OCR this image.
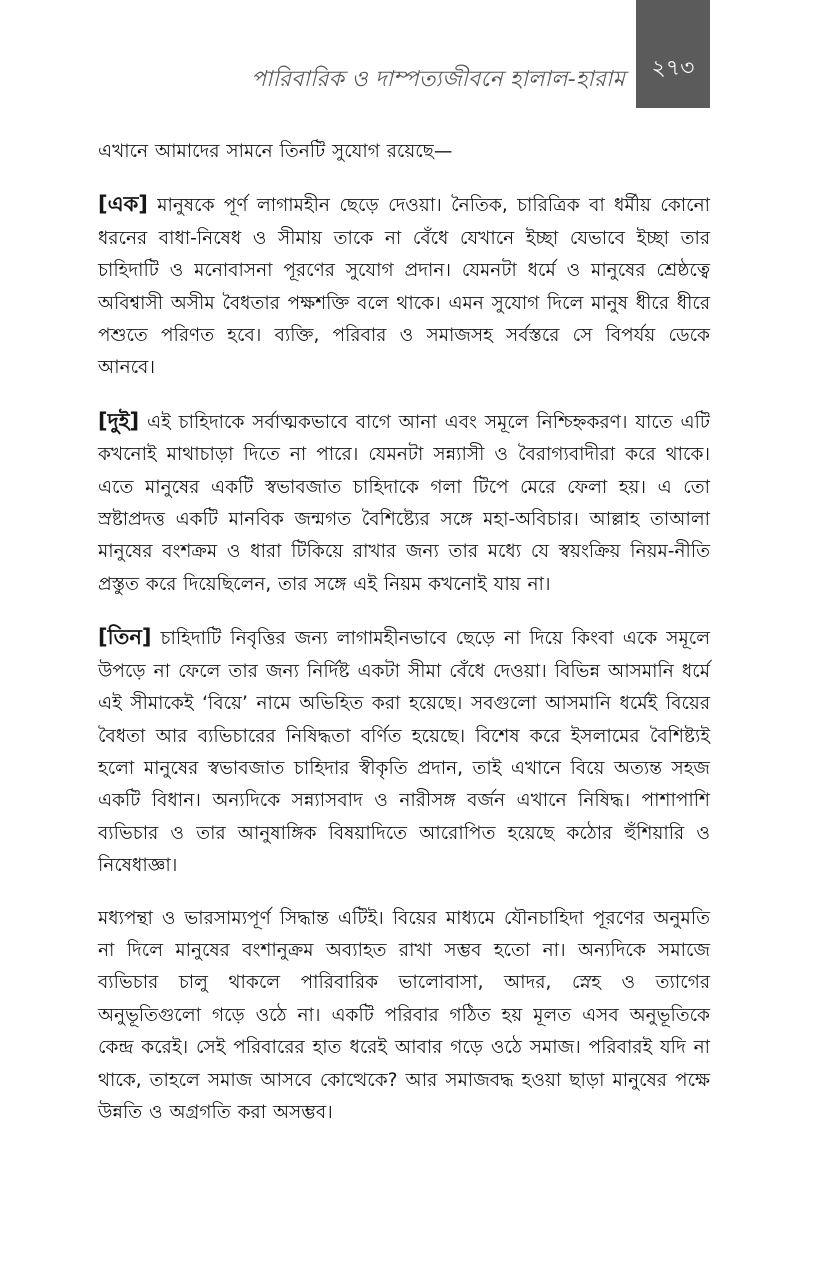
পারিবারিক ও দাম্পত্যজীবনে হালাল-হারাম	২৭৩

এখানে আমাদের সামনে তিনটি সুযোগ রয়েছে—

[এক] মানুষকে পূর্ণ লাগামহীন ছেড়ে দেওয়া। নৈতিক, চারিত্রিক বা ধর্মীয় কোনো ধরনের বাধা-নিষেধ ও সীমায় তাকে না বেঁধে যেখানে ইচ্ছা যেভাবে ইচ্ছা তার চাহিদাটি ও মনোবাসনা পূরণের সুযোগ প্রদান। যেমনটা ধর্মে ও মানুষের শ্রেষ্ঠত্বে অবিশ্বাসী অসীম বৈধতার পক্ষশক্তি বলে থাকে। এমন সুযোগ দিলে মানুষ ধীরে ধীরে পশুতে পরিণত হবে। ব্যক্তি, পরিবার ও সমাজসহ সর্বস্তরে সে বিপর্যয় ডেকে আনবে।

[দুই] এই চাহিদাকে সর্বাত্মকভাবে বাগে আনা এবং সমূলে নিশ্চিহ্নকরণ। যাতে এটি কখনোই মাথাচাড়া দিতে না পারে। যেমনটা সন্ন্যাসী ও বৈরাগ্যবাদীরা করে থাকে। এতে মানুষের একটি স্বভাবজাত চাহিদাকে গলা টিপে মেরে ফেলা হয়। এ তো স্রষ্টাপ্রদত্ত একটি মানবিক জন্মগত বৈশিষ্ট্যের সঙ্গে মহা-অবিচার। আল্লাহ তাআলা মানুষের বংশক্রম ও ধারা টিকিয়ে রাখার জন্য তার মধ্যে যে স্বয়ংক্রিয় নিয়ম-নীতি প্রস্তুত করে দিয়েছিলেন, তার সঙ্গে এই নিয়ম কখনোই যায় না।

[তিন] চাহিদাটি নিবৃত্তির জন্য লাগামহীনভাবে ছেড়ে না দিয়ে কিংবা একে সমূলে উপড়ে না ফেলে তার জন্য নির্দিষ্ট একটা সীমা বেঁধে দেওয়া। বিভিন্ন আসমানি ধর্মে এই সীমাকেই ‘বিয়ে’ নামে অভিহিত করা হয়েছে। সবগুলো আসমানি ধর্মেই বিয়ের বৈধতা আর ব্যভিচারের নিষিদ্ধতা বর্ণিত হয়েছে। বিশেষ করে ইসলামের বৈশিষ্ট্যই হলো মানুষের স্বভাবজাত চাহিদার স্বীকৃতি প্রদান, তাই এখানে বিয়ে অত্যন্ত সহজ একটি বিধান। অন্যদিকে সন্ন্যাসবাদ ও নারীসঙ্গ বর্জন এখানে নিষিদ্ধ। পাশাপাশি ব্যভিচার ও তার আনুষাঙ্গিক বিষয়াদিতে আরোপিত হয়েছে কঠোর হুঁশিয়ারি ও নিষেধাজ্ঞা।

মধ্যপন্থা ও ভারসাম্যপূর্ণ সিদ্ধান্ত এটিই। বিয়ের মাধ্যমে যৌনচাহিদা পূরণের অনুমতি না দিলে মানুষের বংশানুক্রম অব্যাহত রাখা সম্ভব হতো না। অন্যদিকে সমাজে ব্যভিচার চালু থাকলে পারিবারিক ভালোবাসা, আদর, স্নেহ ও ত্যাগের অনুভূতিগুলো গড়ে ওঠে না। একটি পরিবার গঠিত হয় মূলত এসব অনুভূতিকে কেন্দ্র করেই। সেই পরিবারের হাত ধরেই আবার গড়ে ওঠে সমাজ। পরিবারই যদি না থাকে, তাহলে সমাজ আসবে কোত্থেকে? আর সমাজবদ্ধ হওয়া ছাড়া মানুষের পক্ষে উন্নতি ও অগ্রগতি করা অসম্ভব।
